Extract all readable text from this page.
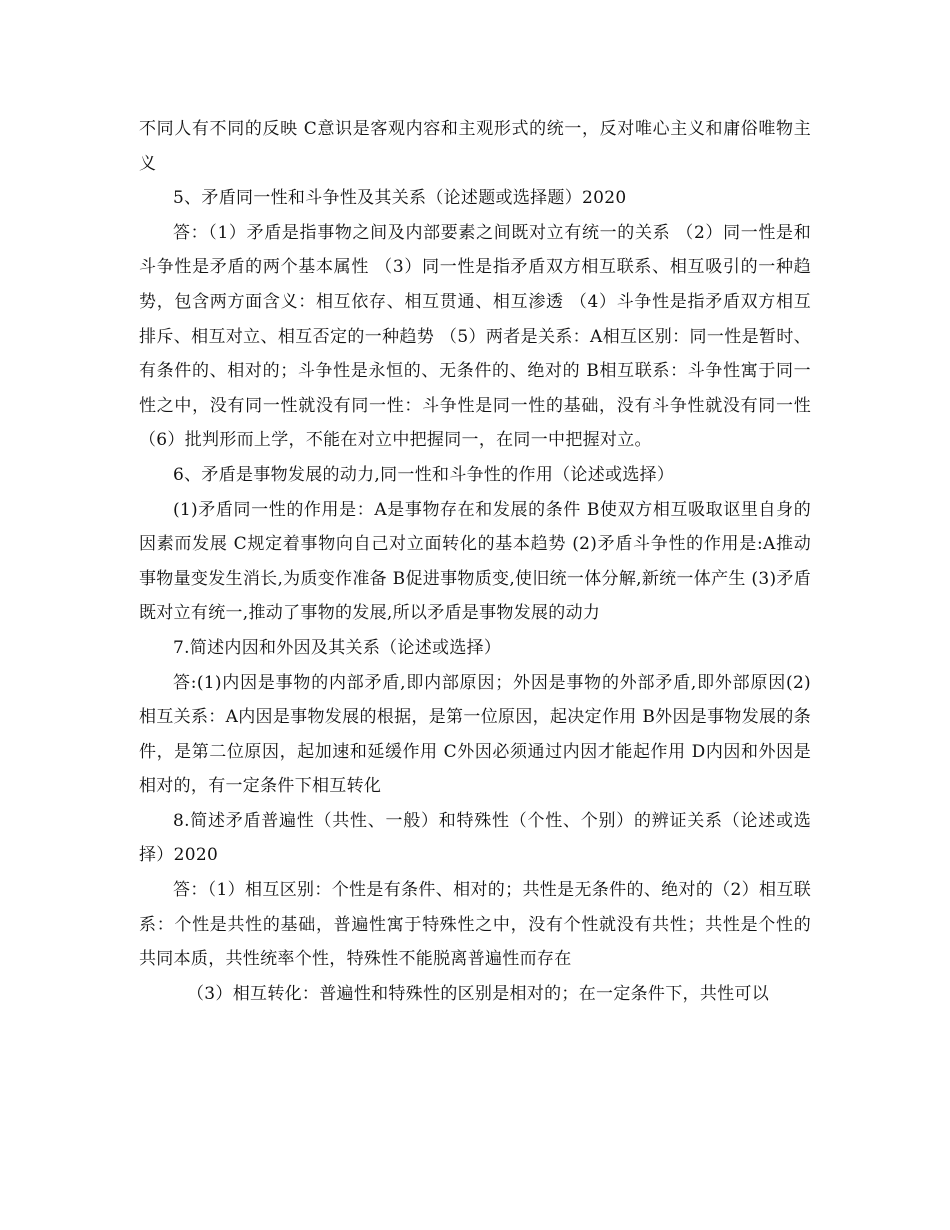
不同人有不同的反映 C意识是客观内容和主观形式的统一，反对唯心主义和庸俗唯物主义

5、矛盾同一性和斗争性及其关系（论述题或选择题）2020

答：（1）矛盾是指事物之间及内部要素之间既对立有统一的关系 （2）同一性是和斗争性是矛盾的两个基本属性 （3）同一性是指矛盾双方相互联系、相互吸引的一种趋势，包含两方面含义：相互依存、相互贯通、相互渗透 （4）斗争性是指矛盾双方相互排斥、相互对立、相互否定的一种趋势 （5）两者是关系：A相互区别：同一性是暂时、有条件的、相对的；斗争性是永恒的、无条件的、绝对的 B相互联系：斗争性寓于同一性之中，没有同一性就没有同一性：斗争性是同一性的基础，没有斗争性就没有同一性 （6）批判形而上学，不能在对立中把握同一，在同一中把握对立。

6、矛盾是事物发展的动力,同一性和斗争性的作用（论述或选择）

(1)矛盾同一性的作用是：A是事物存在和发展的条件 B使双方相互吸取讴里自身的因素而发展 C规定着事物向自己对立面转化的基本趋势 (2)矛盾斗争性的作用是:A推动事物量变发生消长,为质变作准备 B促进事物质变,使旧统一体分解,新统一体产生 (3)矛盾既对立有统一,推动了事物的发展,所以矛盾是事物发展的动力

7.简述内因和外因及其关系（论述或选择）

答:(1)内因是事物的内部矛盾,即内部原因；外因是事物的外部矛盾,即外部原因(2)相互关系：A内因是事物发展的根据，是第一位原因，起决定作用 B外因是事物发展的条件，是第二位原因，起加速和延缓作用 C外因必须通过内因才能起作用 D内因和外因是相对的，有一定条件下相互转化

8.简述矛盾普遍性（共性、一般）和特殊性（个性、个别）的辨证关系（论述或选择）2020

答：（1）相互区别：个性是有条件、相对的；共性是无条件的、绝对的（2）相互联系：个性是共性的基础，普遍性寓于特殊性之中，没有个性就没有共性；共性是个性的共同本质，共性统率个性，特殊性不能脱离普遍性而存在

（3）相互转化：普遍性和特殊性的区别是相对的；在一定条件下，共性可以
